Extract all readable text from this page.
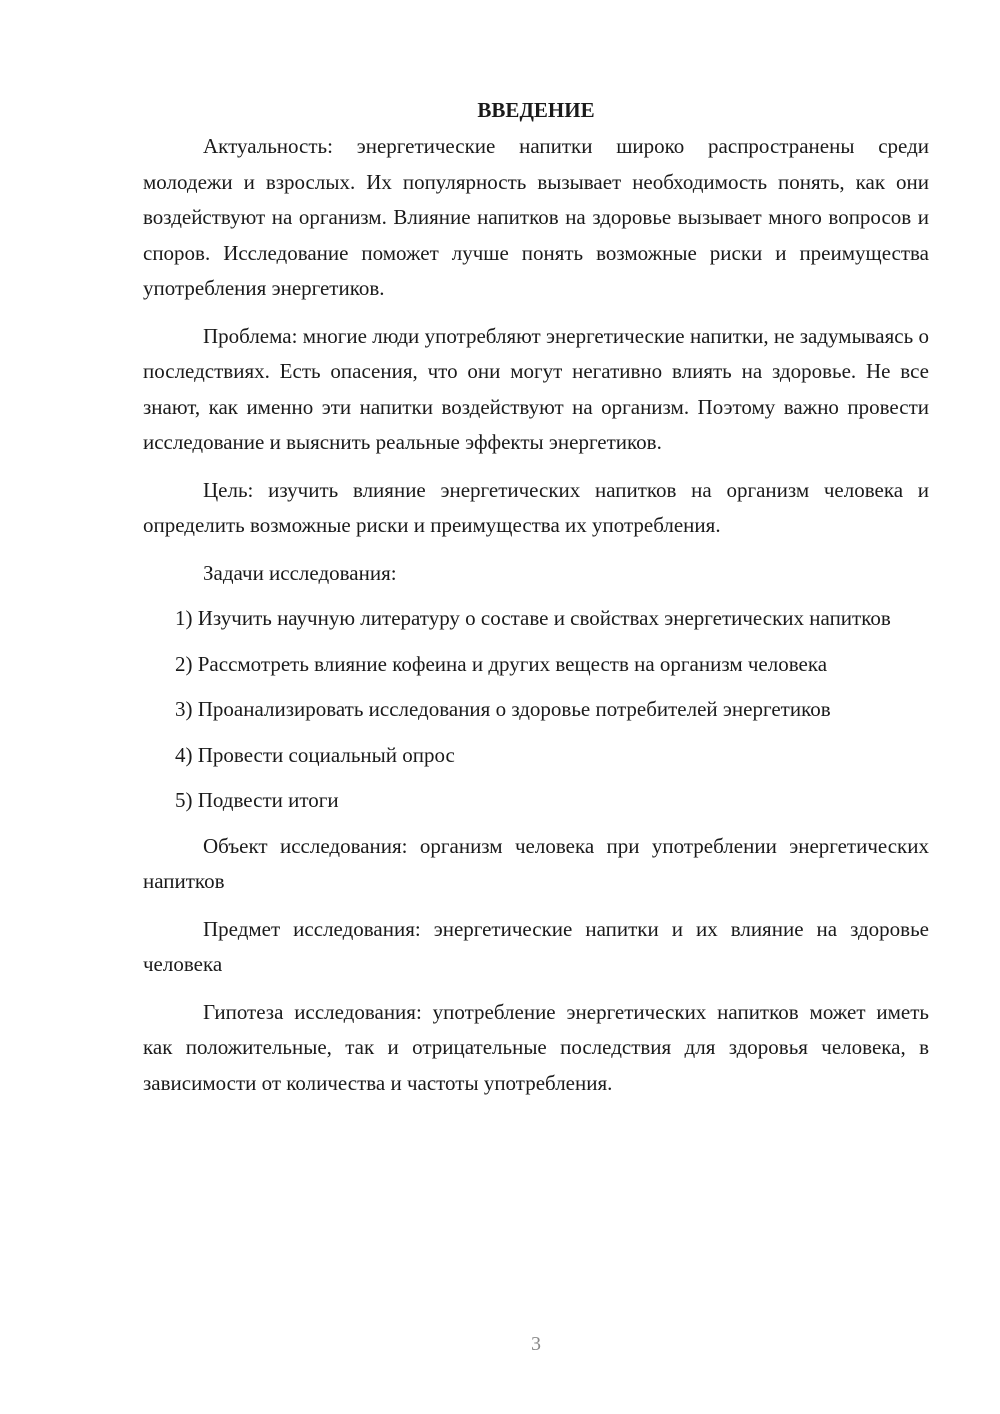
ВВЕДЕНИЕ

Актуальность: энергетические напитки широко распространены среди молодежи и взрослых. Их популярность вызывает необходимость понять, как они воздействуют на организм. Влияние напитков на здоровье вызывает много вопросов и споров. Исследование поможет лучше понять возможные риски и преимущества употребления энергетиков.

Проблема: многие люди употребляют энергетические напитки, не задумываясь о последствиях. Есть опасения, что они могут негативно влиять на здоровье. Не все знают, как именно эти напитки воздействуют на организм. Поэтому важно провести исследование и выяснить реальные эффекты энергетиков.

Цель: изучить влияние энергетических напитков на организм человека и определить возможные риски и преимущества их употребления.

Задачи исследования:

1) Изучить научную литературу о составе и свойствах энергетических напитков

2) Рассмотреть влияние кофеина и других веществ на организм человека

3) Проанализировать исследования о здоровье потребителей энергетиков

4) Провести социальный опрос

5) Подвести итоги

Объект исследования: организм человека при употреблении энергетических напитков

Предмет исследования: энергетические напитки и их влияние на здоровье человека

Гипотеза исследования: употребление энергетических напитков может иметь как положительные, так и отрицательные последствия для здоровья человека, в зависимости от количества и частоты употребления.

3
